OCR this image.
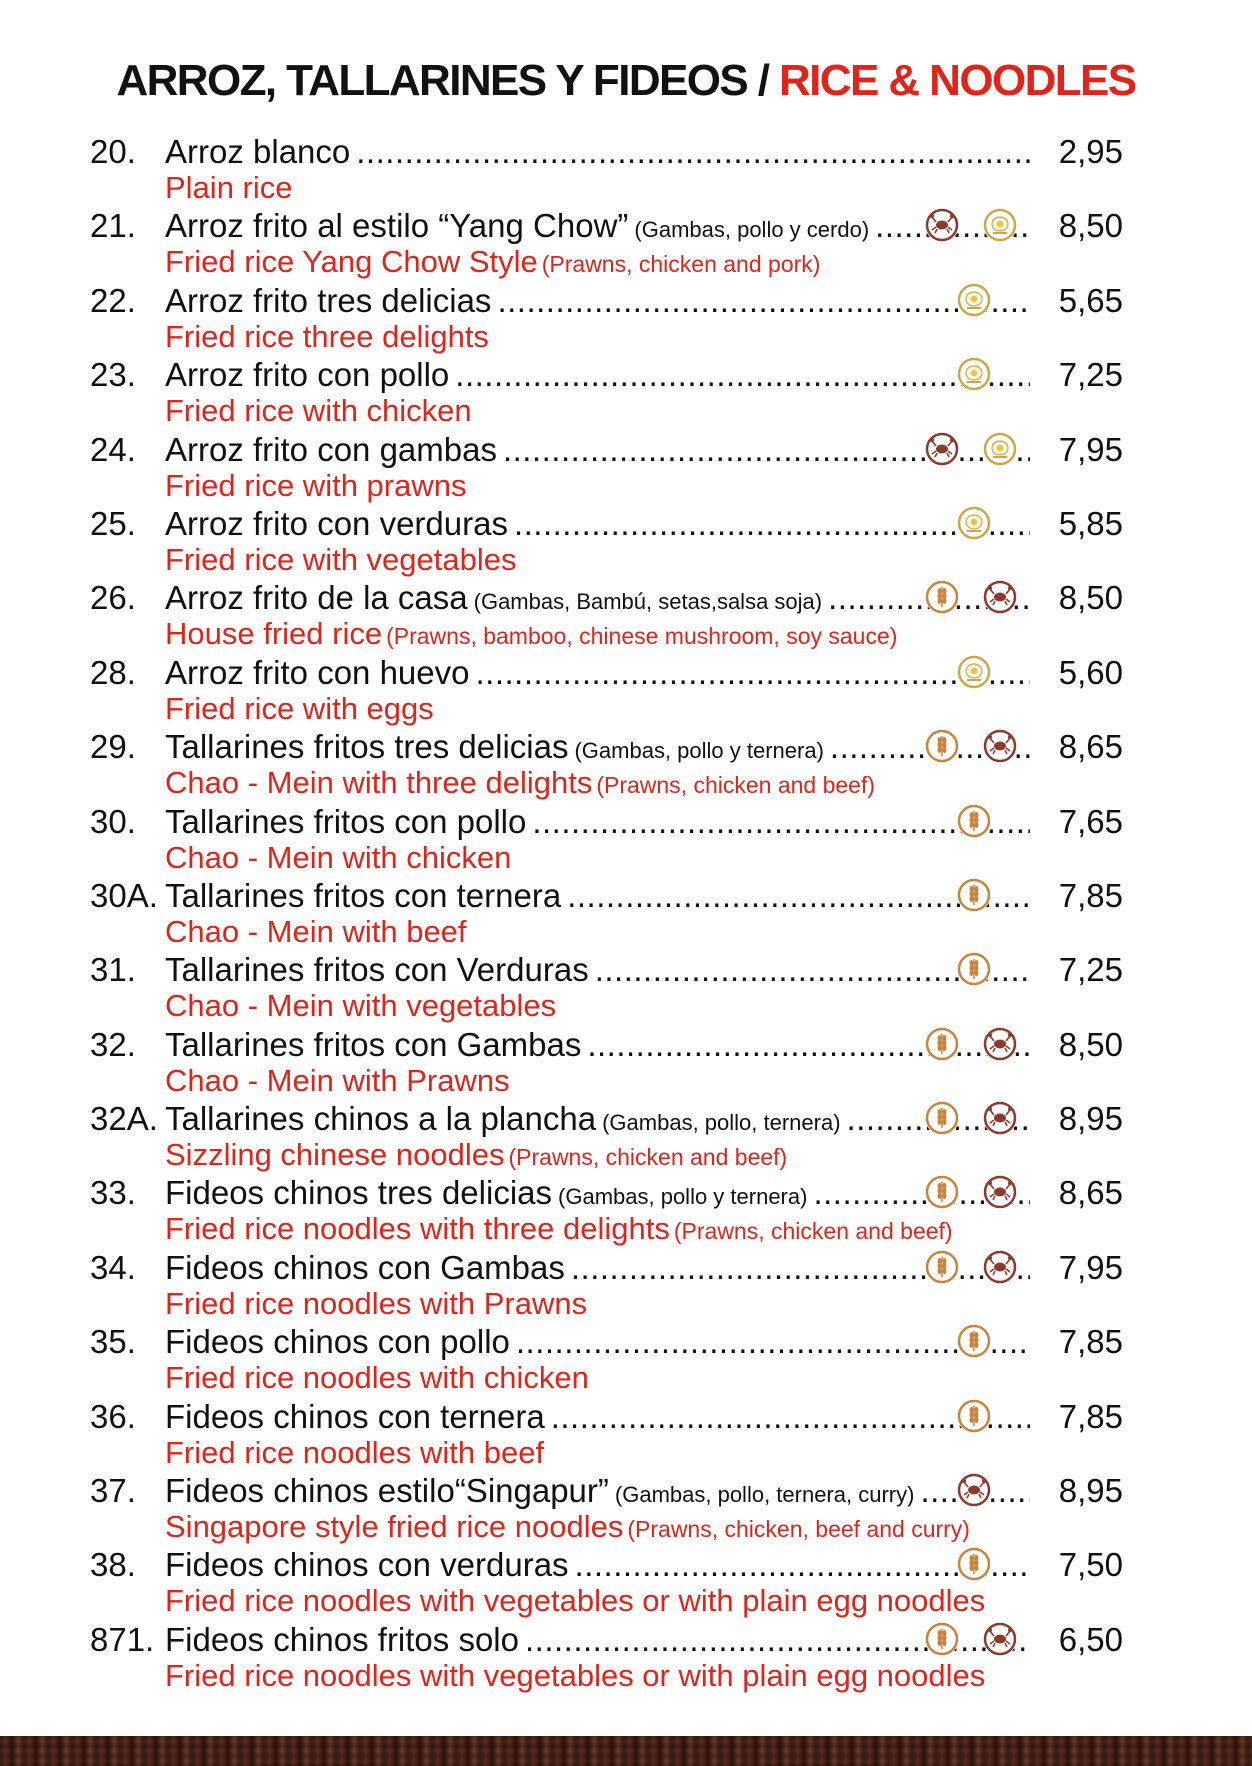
ARROZ, TALLARINES Y FIDEOS / RICE & NOODLES
20. Arroz blanco .....	2,95
Plain rice
21. Arroz frito al estilo “Yang Chow” (Gambas, pollo y cerdo) .....	8,50
Fried rice Yang Chow Style (Prawns, chicken and pork)
22. Arroz frito tres delicias .....	5,65
Fried rice three delights
23. Arroz frito con pollo .....	7,25
Fried rice with chicken
24. Arroz frito con gambas .....	7,95
Fried rice with prawns
25. Arroz frito con verduras .....	5,85
Fried rice with vegetables
26. Arroz frito de la casa (Gambas, Bambú, setas,salsa soja) .....	8,50
House fried rice (Prawns, bamboo, chinese mushroom, soy sauce)
28. Arroz frito con huevo .....	5,60
Fried rice with eggs
29. Tallarines fritos tres delicias (Gambas, pollo y ternera) .....	8,65
Chao - Mein with three delights (Prawns, chicken and beef)
30. Tallarines fritos con pollo .....	7,65
Chao - Mein with chicken
30A. Tallarines fritos con ternera .....	7,85
Chao - Mein with beef
31. Tallarines fritos con Verduras .....	7,25
Chao - Mein with vegetables
32. Tallarines fritos con Gambas .....	8,50
Chao - Mein with Prawns
32A. Tallarines chinos a la plancha (Gambas, pollo, ternera) .....	8,95
Sizzling chinese noodles (Prawns, chicken and beef)
33. Fideos chinos tres delicias (Gambas, pollo y ternera) .....	8,65
Fried rice noodles with three delights (Prawns, chicken and beef)
34. Fideos chinos con Gambas .....	7,95
Fried rice noodles with Prawns
35. Fideos chinos con pollo .....	7,85
Fried rice noodles with chicken
36. Fideos chinos con ternera .....	7,85
Fried rice noodles with beef
37. Fideos chinos estilo“Singapur” (Gambas, pollo, ternera, curry) .....	8,95
Singapore style fried rice noodles (Prawns, chicken, beef and curry)
38. Fideos chinos con verduras .....	7,50
Fried rice noodles with vegetables or with plain egg noodles
871. Fideos chinos fritos solo .....	6,50
Fried rice noodles with vegetables or with plain egg noodles
